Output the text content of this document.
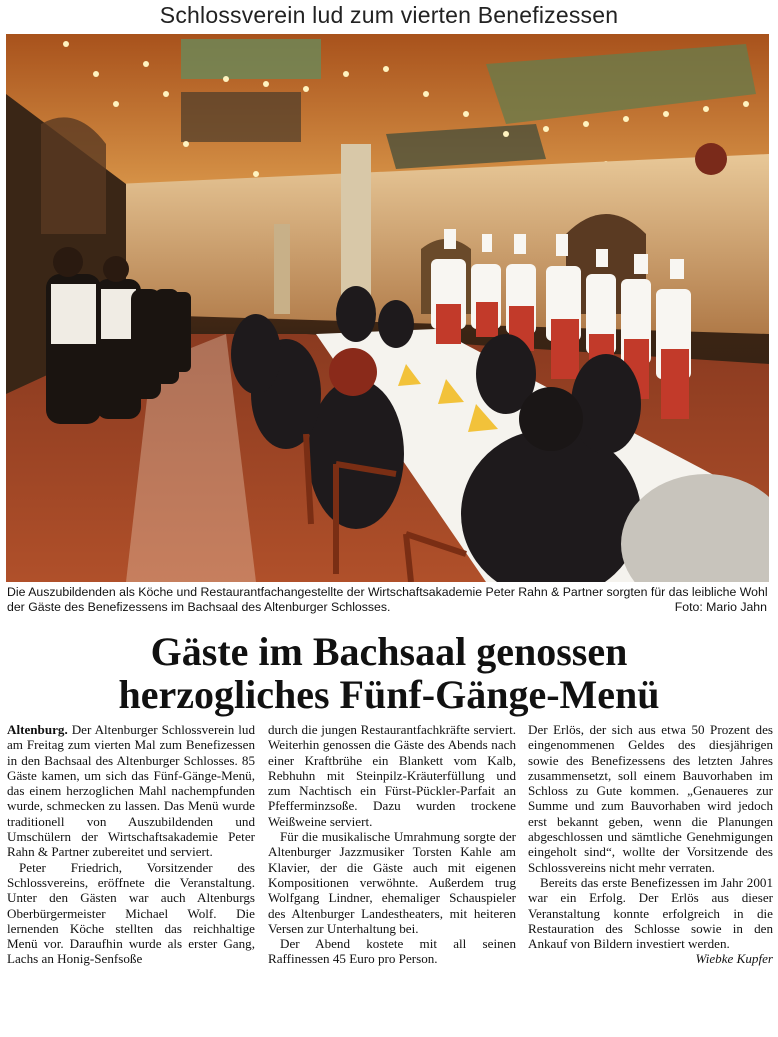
Schlossverein lud zum vierten Benefizessen
Die Auszubildenden als Köche und Restaurantfachangestellte der Wirtschaftsakademie Peter Rahn & Partner sorgten für das leibliche Wohl der Gäste des Benefizessens im Bachsaal des Altenburger Schlosses.	Foto: Mario Jahn
Gäste im Bachsaal genossen
herzogliches Fünf-Gänge-Menü

Altenburg. Der Altenburger Schlossverein lud am Freitag zum vierten Mal zum Benefizessen in den Bachsaal des Altenburger Schlosses. 85 Gäste kamen, um sich das Fünf-Gänge-Menü, das einem herzoglichen Mahl nachempfunden wurde, schmecken zu lassen. Das Menü wurde traditionell von Auszubildenden und Umschülern der Wirtschaftsakademie Peter Rahn & Partner zubereitet und serviert.

Peter Friedrich, Vorsitzender des Schlossvereins, eröffnete die Veranstaltung. Unter den Gästen war auch Altenburgs Oberbürgermeister Michael Wolf. Die lernenden Köche stellten das reichhaltige Menü vor. Daraufhin wurde als erster Gang, Lachs an Honig-Senfsoße

durch die jungen Restaurantfachkräfte serviert. Weiterhin genossen die Gäste des Abends nach einer Kraftbrühe ein Blankett vom Kalb, Rebhuhn mit Steinpilz-Kräuterfüllung und zum Nachtisch ein Fürst-Pückler-Parfait an Pfefferminzsoße. Dazu wurden trockene Weißweine serviert.

Für die musikalische Umrahmung sorgte der Altenburger Jazzmusiker Torsten Kahle am Klavier, der die Gäste auch mit eigenen Kompositionen verwöhnte. Außerdem trug Wolfgang Lindner, ehemaliger Schauspieler des Altenburger Landestheaters, mit heiteren Versen zur Unterhaltung bei.

Der Abend kostete mit all seinen Raffinessen 45 Euro pro Person.

Der Erlös, der sich aus etwa 50 Prozent des eingenommenen Geldes des diesjährigen sowie des Benefizessens des letzten Jahres zusammensetzt, soll einem Bauvorhaben im Schloss zu Gute kommen. „Genaueres zur Summe und zum Bauvorhaben wird jedoch erst bekannt geben, wenn die Planungen abgeschlossen und sämtliche Genehmigungen eingeholt sind“, wollte der Vorsitzende des Schlossvereins nicht mehr verraten.

Bereits das erste Benefizessen im Jahr 2001 war ein Erfolg. Der Erlös aus dieser Veranstaltung konnte erfolgreich in die Restauration des Schlosse sowie in den Ankauf von Bildern investiert werden.

Wiebke Kupfer
